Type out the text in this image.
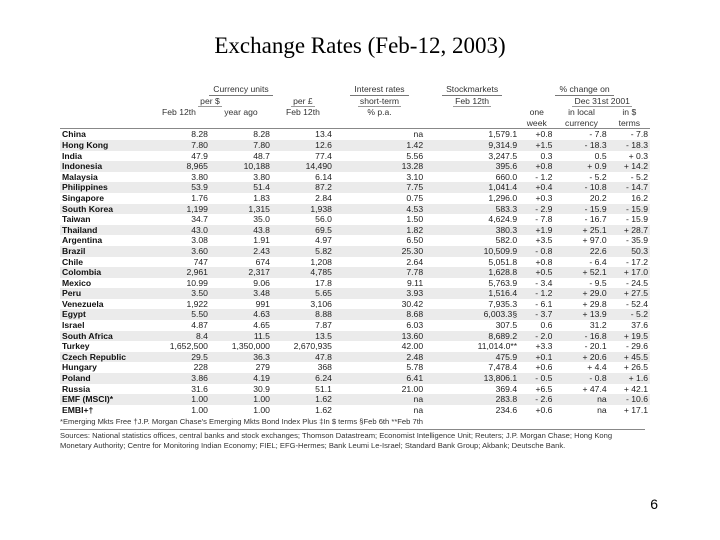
Exchange Rates (Feb-12, 2003)
	Currency units			Interest rates	Stockmarkets	% change on		
	per $		per £	short-term	Feb 12th		Dec 31st 2001	
	Feb 12th	year ago	Feb 12th	% p.a.		one	in local	in $
						week	currency	terms
China	8.28	8.28	13.4	na	1,579.1	+0.8	- 7.8	- 7.8
Hong Kong	7.80	7.80	12.6	1.42	9,314.9	+1.5	- 18.3	- 18.3
India	47.9	48.7	77.4	5.56	3,247.5	0.3	0.5	+ 0.3
Indonesia	8,965	10,188	14,490	13.28	395.6	+0.8	+ 0.9	+ 14.2
Malaysia	3.80	3.80	6.14	3.10	660.0	- 1.2	- 5.2	- 5.2
Philippines	53.9	51.4	87.2	7.75	1,041.4	+0.4	- 10.8	- 14.7
Singapore	1.76	1.83	2.84	0.75	1,296.0	+0.3	20.2	16.2
South Korea	1,199	1,315	1,938	4.53	583.3	- 2.9	- 15.9	- 15.9
Taiwan	34.7	35.0	56.0	1.50	4,624.9	- 7.8	- 16.7	- 15.9
Thailand	43.0	43.8	69.5	1.82	380.3	+1.9	+ 25.1	+ 28.7
Argentina	3.08	1.91	4.97	6.50	582.0	+3.5	+ 97.0	- 35.9
Brazil	3.60	2.43	5.82	25.30	10,509.9	- 0.8	22.6	50.3
Chile	747	674	1,208	2.64	5,051.8	+0.8	- 6.4	- 17.2
Colombia	2,961	2,317	4,785	7.78	1,628.8	+0.5	+ 52.1	+ 17.0
Mexico	10.99	9.06	17.8	9.11	5,763.9	- 3.4	- 9.5	- 24.5
Peru	3.50	3.48	5.65	3.93	1,516.4	- 1.2	+ 29.0	+ 27.5
Venezuela	1,922	991	3,106	30.42	7,935.3	- 6.1	+ 29.8	- 52.4
Egypt	5.50	4.63	8.88	8.68	6,003.3§	- 3.7	+ 13.9	- 5.2
Israel	4.87	4.65	7.87	6.03	307.5	0.6	31.2	37.6
South Africa	8.4	11.5	13.5	13.60	8,689.2	- 2.0	- 16.8	+ 19.5
Turkey	1,652,500	1,350,000	2,670,935	42.00	11,014.0**	+3.3	- 20.1	- 29.6
Czech Republic	29.5	36.3	47.8	2.48	475.9	+0.1	+ 20.6	+ 45.5
Hungary	228	279	368	5.78	7,478.4	+0.6	+ 4.4	+ 26.5
Poland	3.86	4.19	6.24	6.41	13,806.1	- 0.5	- 0.8	+ 1.6
Russia	31.6	30.9	51.1	21.00	369.4	+6.5	+ 47.4	+ 42.1
EMF (MSCI)*	1.00	1.00	1.62	na	283.8	- 2.6	na	- 10.6
EMBI+†	1.00	1.00	1.62	na	234.6	+0.6	na	+ 17.1
*Emerging Mkts Free †J.P. Morgan Chase's Emerging Mkts Bond Index Plus ‡In $ terms §Feb 6th **Feb 7th
Sources: National statistics offices, central banks and stock exchanges; Thomson Datastream; Economist Intelligence Unit; Reuters; J.P. Morgan Chase; Hong Kong Monetary Authority; Centre for Monitoring Indian Economy; FIEL; EFG-Hermes; Bank Leumi Le-Israel; Standard Bank Group; Akbank; Deutsche Bank.
6
